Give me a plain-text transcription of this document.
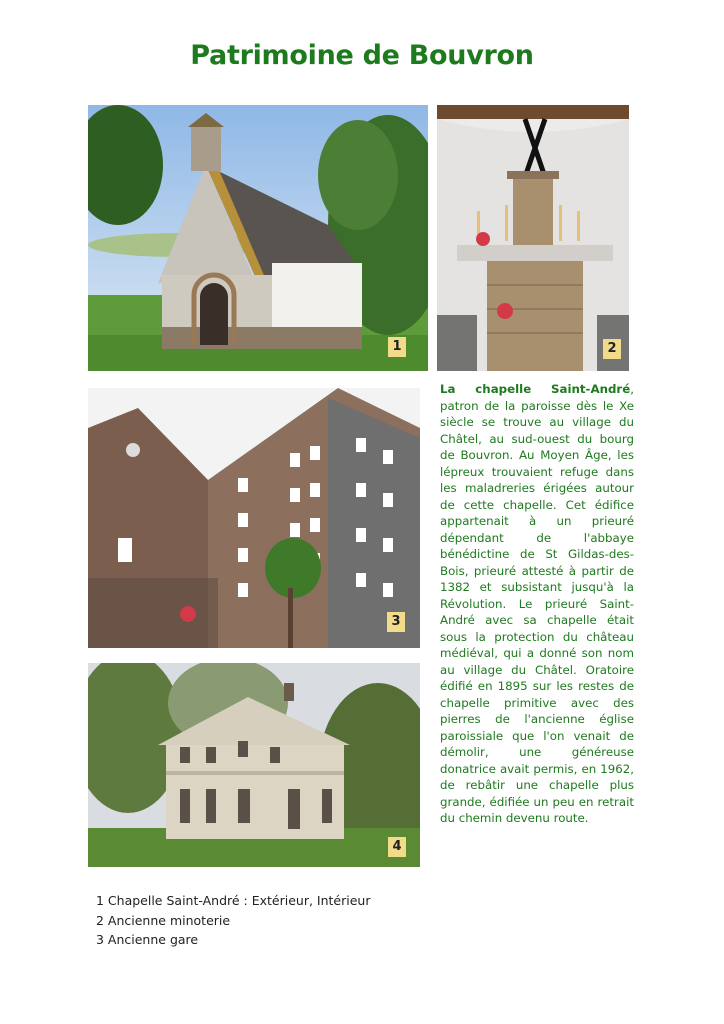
Patrimoine de Bouvron
1	2
3
4
La chapelle Saint-André, patron de la paroisse dès le Xe siècle se trouve au village du Châtel, au sud-ouest du bourg de Bouvron. Au Moyen Âge, les lépreux trouvaient refuge dans les maladreries érigées autour de cette chapelle. Cet édifice appartenait à un prieuré dépendant de l'abbaye bénédictine de St Gildas-des-Bois, prieuré attesté à partir de 1382 et subsistant jusqu'à la Révolution. Le prieuré Saint-André avec sa chapelle était sous la protection du château médiéval, qui a donné son nom au village du Châtel. Oratoire édifié en 1895 sur les restes de chapelle primitive avec des pierres de l'ancienne église paroissiale que l'on venait de démolir, une généreuse donatrice avait permis, en 1962, de rebâtir une chapelle plus grande, édifiée un peu en retrait du chemin devenu route.
1 Chapelle Saint-André : Extérieur, Intérieur
2 Ancienne minoterie
3 Ancienne gare
